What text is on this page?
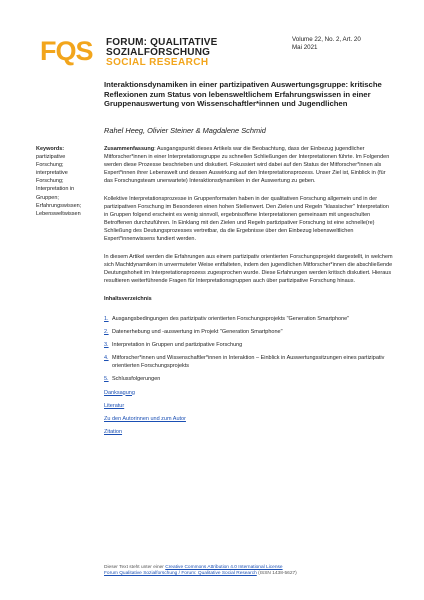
FQS FORUM: QUALITATIVE
SOZIALFORSCHUNG
SOCIAL RESEARCH
Volume 22, No. 2, Art. 20
Mai 2021
Interaktionsdynamiken in einer partizipativen Auswertungsgruppe: kritische Reflexionen zum Status von lebensweltlichem Erfahrungswissen in einer Gruppenauswertung von Wissenschaftler*innen und Jugendlichen
Rahel Heeg, Olivier Steiner & Magdalene Schmid
Keywords:
partizipative
Forschung;
interpretative
Forschung;
Interpretation in
Gruppen;
Erfahrungswissen;
Lebensweltwissen

Zusammenfassung: Ausgangspunkt dieses Artikels war die Beobachtung, dass der Einbezug jugendlicher Mitforscher*innen in einer Interpretationsgruppe zu schnellen Schließungen der Interpretationen führte. Im Folgenden werden diese Prozesse beschrieben und diskutiert. Fokussiert wird dabei auf den Status der Mitforscher*innen als Expert*innen ihrer Lebenswelt und dessen Auswirkung auf den Interpretationsprozess. Unser Ziel ist, Einblick in (für das Forschungsteam unerwartete) Interaktionsdynamiken in der Auswertung zu geben.

Kollektive Interpretationsprozesse in Gruppenformaten haben in der qualitativen Forschung allgemein und in der partizipativen Forschung im Besonderen einen hohen Stellenwert. Den Zielen und Regeln "klassischer" Interpretation in Gruppen folgend erscheint es wenig sinnvoll, ergebnisoffene Interpretationen gemeinsam mit ungeschulten Betroffenen durchzuführen. In Einklang mit den Zielen und Regeln partizipativer Forschung ist eine schnelle(re) Schließung des Deutungsprozesses vertretbar, da die Ergebnisse über den Einbezug lebensweltlichen Expert*innenwissens fundiert werden.

In diesem Artikel werden die Erfahrungen aus einem partizipativ orientierten Forschungsprojekt dargestellt, in welchem sich Machtdynamiken in unvermuteter Weise entfalteten, indem den jugendlichen Mitforscher*innen die abschließende Deutungshoheit im Interpretationsprozess zugesprochen wurde. Diese Erfahrungen werden kritisch diskutiert. Hieraus resultieren weiterführende Fragen für Interpretationsgruppen auch über partizipative Forschung hinaus.

Inhaltsverzeichnis
1. Ausgangsbedingungen des partizipativ orientierten Forschungsprojekts "Generation Smartphone"
2. Datenerhebung und -auswertung im Projekt "Generation Smartphone"
3. Interpretation in Gruppen und partizipative Forschung
4. Mitforscher*innen und Wissenschaftler*innen in Interaktion – Einblick in Auswertungssitzungen eines partizipativ orientierten Forschungsprojekts
5. Schlussfolgerungen
Danksagung
Literatur
Zu den Autorinnen und zum Autor
Zitation
Dieser Text steht unter einer Creative Commons Attribution 4.0 International License
Forum Qualitative Sozialforschung / Forum: Qualitative Social Research (ISSN 1438-5627)
